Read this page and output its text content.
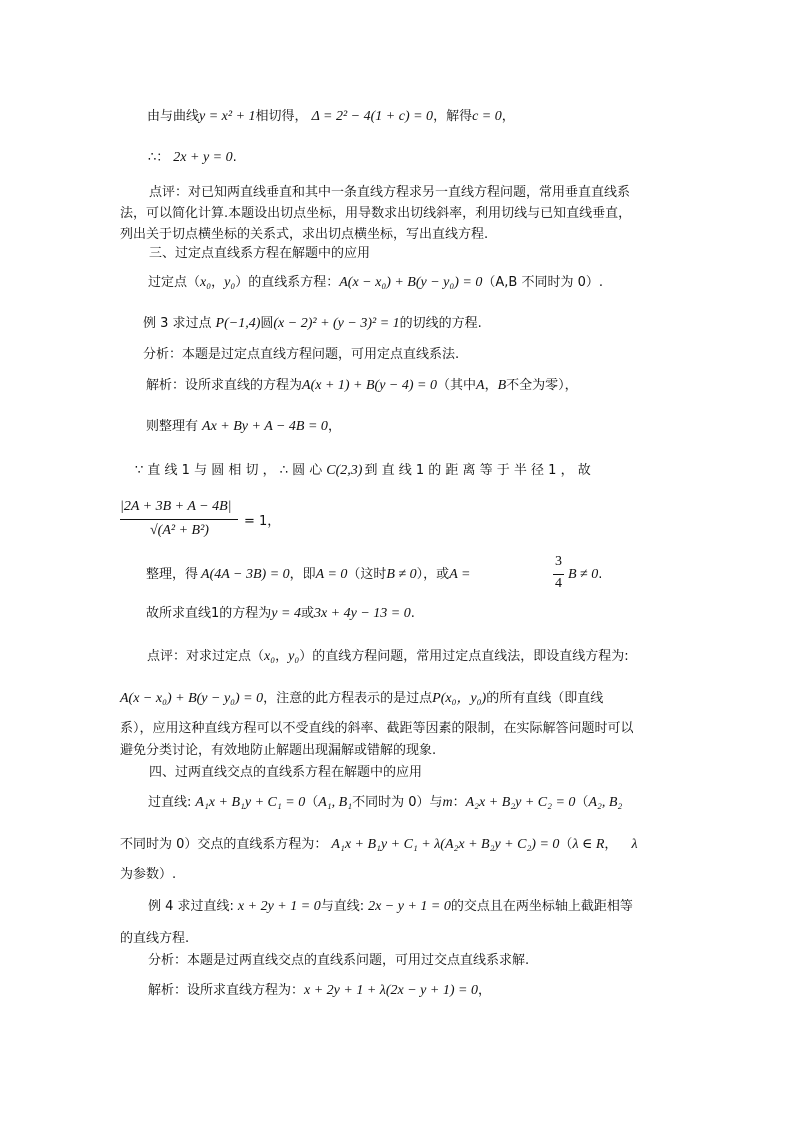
由与曲线y = x² + 1相切得， Δ = 2² − 4(1 + c) = 0，解得c = 0，
∴： 2x + y = 0.
点评：对已知两直线垂直和其中一条直线方程求另一直线方程问题，常用垂直直线系
法，可以简化计算.本题设出切点坐标，用导数求出切线斜率，利用切线与已知直线垂直，
列出关于切点横坐标的关系式，求出切点横坐标，写出直线方程.
三、过定点直线系方程在解题中的应用
过定点（x₀，y₀）的直线系方程：A(x − x₀) + B(y − y₀) = 0（A,B 不同时为 0）.
例 3 求过点 P(−1,4)圆(x − 2)² + (y − 3)² = 1的切线的方程.
分析：本题是过定点直线方程问题，可用定点直线系法.
解析：设所求直线的方程为A(x + 1) + B(y − 4) = 0（其中A，B不全为零），
则整理有 Ax + By + A − 4B = 0，
∵ 直 线 1 与 圆 相 切 ， ∴ 圆 心 C(2,3) 到 直 线 1 的 距 离 等 于 半 径 1 ， 故
|2A + 3B + A − 4B|
√(A² + B²)
= 1，
整理，得 A(4A − 3B) = 0，即A = 0（这时B ≠ 0），或A =
3
4
B ≠ 0.
故所求直线1的方程为y = 4或3x + 4y − 13 = 0.
点评：对求过定点（x₀，y₀）的直线方程问题，常用过定点直线法，即设直线方程为:
A(x − x₀) + B(y − y₀) = 0，注意的此方程表示的是过点P(x₀，y₀)的所有直线（即直线
系），应用这种直线方程可以不受直线的斜率、截距等因素的限制，在实际解答问题时可以
避免分类讨论，有效地防止解题出现漏解或错解的现象.
四、过两直线交点的直线系方程在解题中的应用
过直线: A₁x + B₁y + C₁ = 0（A₁, B₁不同时为 0）与m：A₂x + B₂y + C₂ = 0（A₂, B₂
不同时为 0）交点的直线系方程为： A₁x + B₁y + C₁ + λ(A₂x + B₂y + C₂) = 0（λ ∈ R， λ
为参数）.
例 4 求过直线: x + 2y + 1 = 0与直线: 2x − y + 1 = 0的交点且在两坐标轴上截距相等
的直线方程.
分析：本题是过两直线交点的直线系问题，可用过交点直线系求解.
解析：设所求直线方程为：x + 2y + 1 + λ(2x − y + 1) = 0，
